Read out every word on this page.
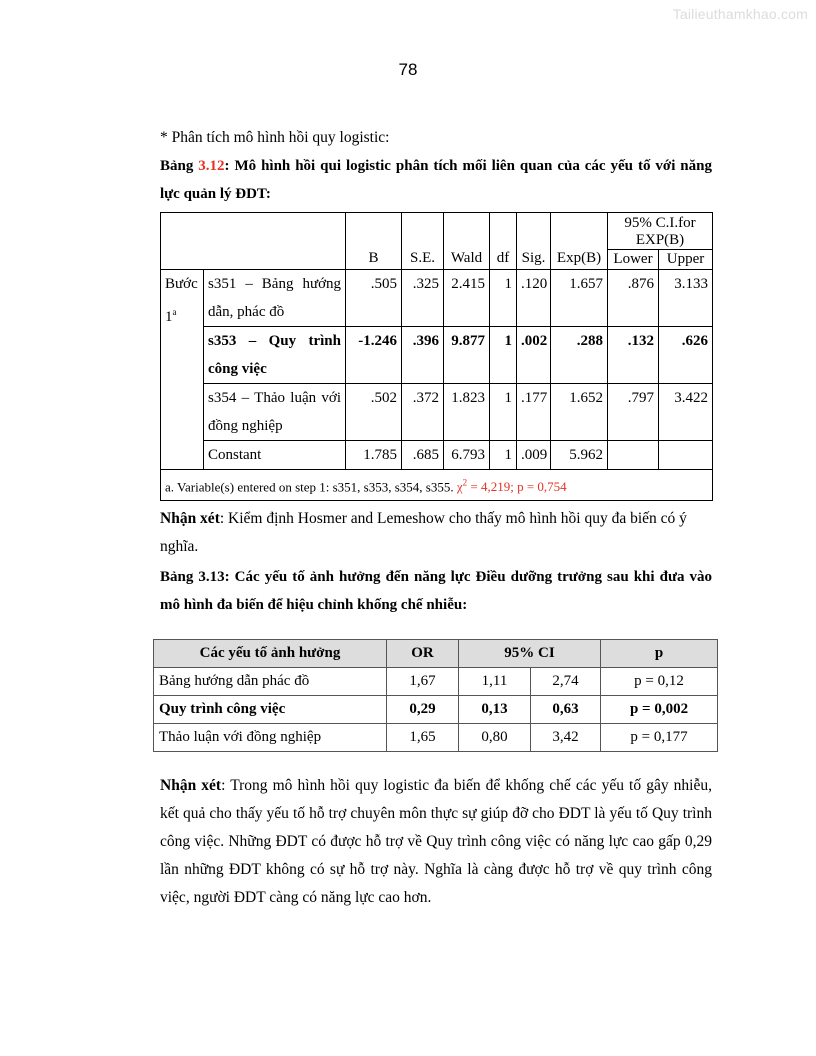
Tailieuthamkhao.com
78

* Phân tích mô hình hồi quy logistic:

Bảng 3.12: Mô hình hồi qui logistic phân tích mối liên quan của các yếu tố với năng lực quản lý ĐDT:

		B	S.E.	Wald	df	Sig.	Exp(B)	95% C.I.for EXP(B)	
								Lower	Upper
Bước 1$^a$	s351 – Bảng hướng dẫn, phác đồ	.505	.325	2.415	1	.120	1.657	.876	3.133
	s353 – Quy trình công việc	-1.246	.396	9.877	1	.002	.288	.132	.626
	s354 – Thảo luận với đồng nghiệp	.502	.372	1.823	1	.177	1.652	.797	3.422
	Constant	1.785	.685	6.793	1	.009	5.962		
a. Variable(s) entered on step 1: s351, s353, s354, s355. $\chi^2 = 4,219$; p = 0,754									

Nhận xét: Kiểm định Hosmer and Lemeshow cho thấy mô hình hồi quy đa biến có ý nghĩa.

Bảng 3.13: Các yếu tố ảnh hưởng đến năng lực Điều dưỡng trưởng sau khi đưa vào mô hình đa biến để hiệu chỉnh khống chế nhiễu:

Các yếu tố ảnh hưởng	OR	95% CI		p
Bảng hướng dẫn phác đồ	1,67	1,11	2,74	p = 0,12
Quy trình công việc	0,29	0,13	0,63	p = 0,002
Thảo luận với đồng nghiệp	1,65	0,80	3,42	p = 0,177

Nhận xét: Trong mô hình hồi quy logistic đa biến để khống chế các yếu tố gây nhiễu, kết quả cho thấy yếu tố hỗ trợ chuyên môn thực sự giúp đỡ cho ĐDT là yếu tố Quy trình công việc. Những ĐDT có được hỗ trợ về Quy trình công việc có năng lực cao gấp 0,29 lần những ĐDT không có sự hỗ trợ này. Nghĩa là càng được hỗ trợ về quy trình công việc, người ĐDT càng có năng lực cao hơn.
